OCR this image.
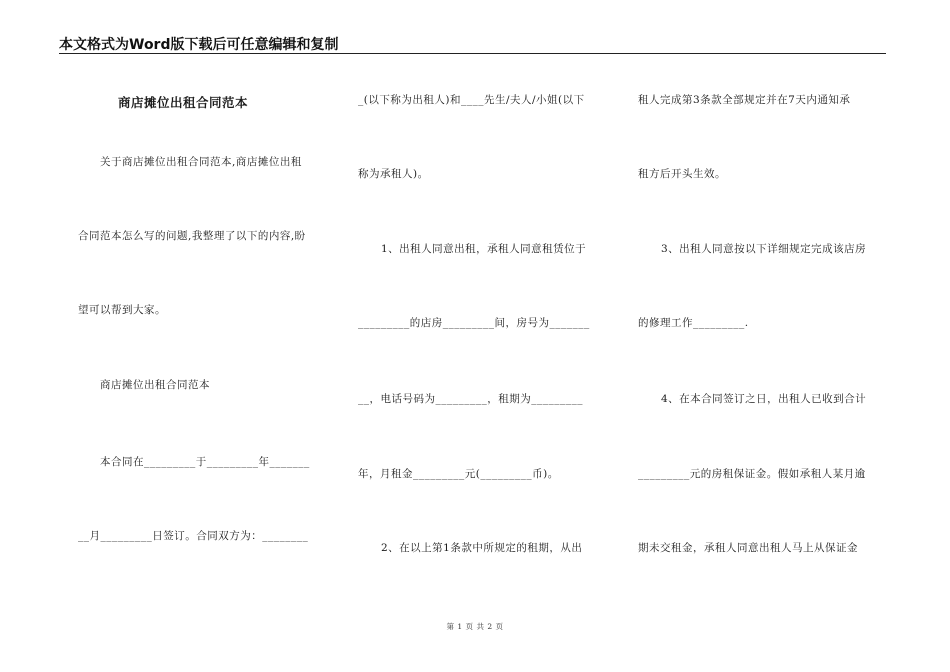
本文格式为Word版下载后可任意编辑和复制
商店摊位出租合同范本
关于商店摊位出租合同范本,商店摊位出租
合同范本怎么写的问题,我整理了以下的内容,盼
望可以帮到大家。
商店摊位出租合同范本
本合同在_________于_________年_______
__月_________日签订。合同双方为：________
_(以下称为出租人)和____先生/夫人/小姐(以下
称为承租人)。
1、出租人同意出租，承租人同意租赁位于
_________的店房_________间，房号为_______
__，电话号码为_________，租期为_________
年，月租金_________元(_________币)。
2、在以上第1条款中所规定的租期，从出
租人完成第3条款全部规定并在7天内通知承
租方后开头生效。
3、出租人同意按以下详细规定完成该店房
的修理工作_________.
4、在本合同签订之日，出租人已收到合计
_________元的房租保证金。假如承租人某月逾
期未交租金，承租人同意出租人马上从保证金
第 1 页 共 2 页
